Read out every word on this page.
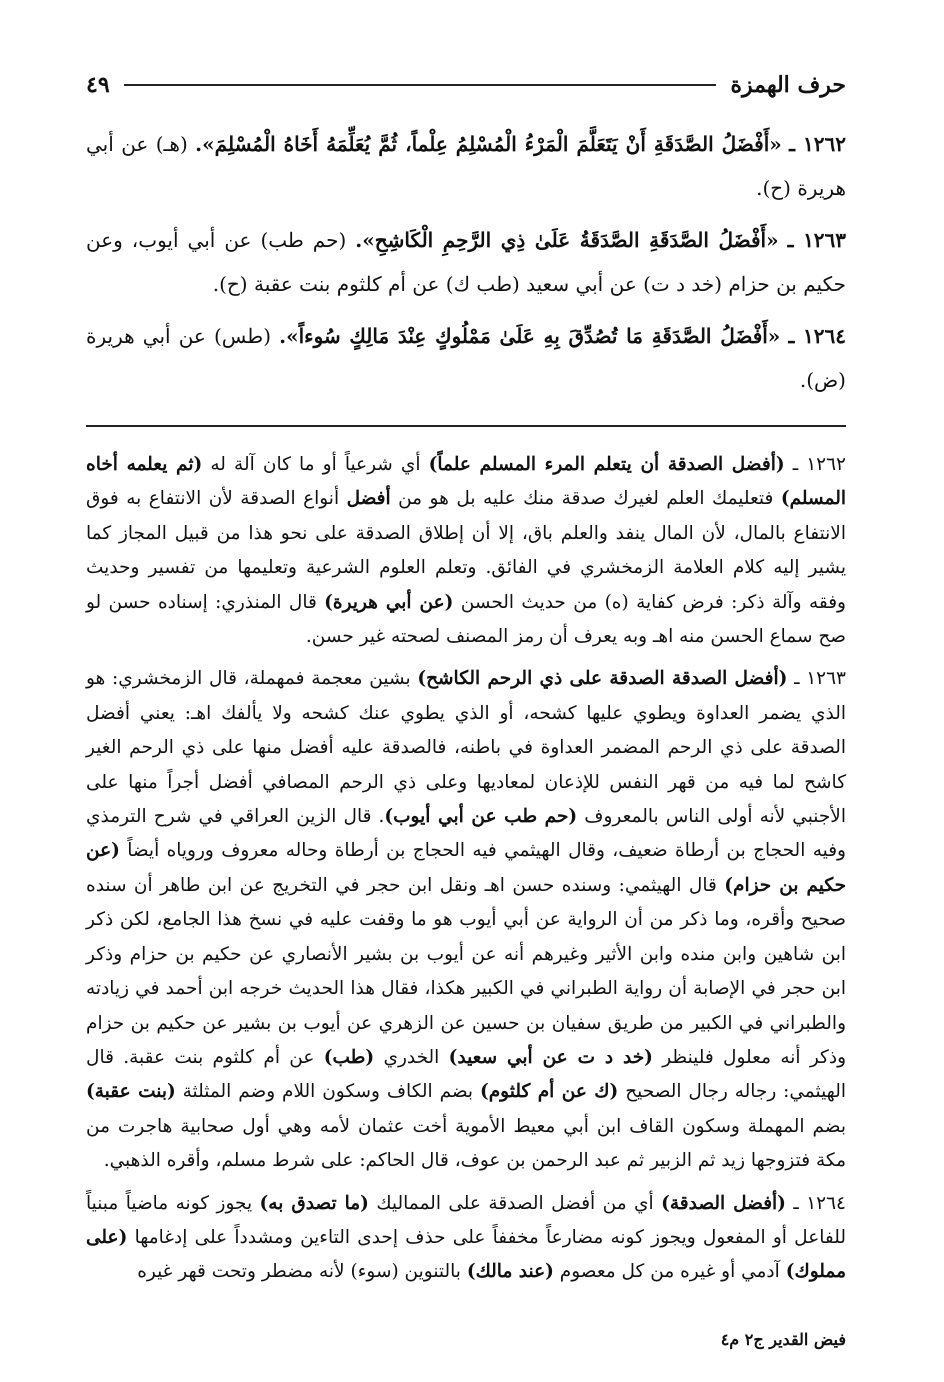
حرف الهمزة
٤٩

١٢٦٢ ـ «أَفْضَلُ الصَّدَقَةِ أَنْ يَتَعَلَّمَ الْمَرْءُ الْمُسْلِمُ عِلْماً، ثُمَّ يُعَلِّمَهُ أَخَاهُ الْمُسْلِمَ». (هـ) عن أبي هريرة (ح).

١٢٦٣ ـ «أَفْضَلُ الصَّدَقَةِ الصَّدَقَةُ عَلَىٰ ذِي الرَّحِمِ الْكَاشِحِ». (حم طب) عن أبي أيوب، وعن حكيم بن حزام (خد د ت) عن أبي سعيد (طب ك) عن أم كلثوم بنت عقبة (ح).

١٢٦٤ ـ «أَفْضَلُ الصَّدَقَةِ مَا تُصُدِّقَ بِهِ عَلَىٰ مَمْلُوكٍ عِنْدَ مَالِكٍ سُوءاً». (طس) عن أبي هريرة (ض).

١٢٦٢ ـ (أفضل الصدقة أن يتعلم المرء المسلم علماً) أي شرعياً أو ما كان آلة له (ثم يعلمه أخاه المسلم) فتعليمك العلم لغيرك صدقة منك عليه بل هو من أفضل أنواع الصدقة لأن الانتفاع به فوق الانتفاع بالمال، لأن المال ينفد والعلم باق، إلا أن إطلاق الصدقة على نحو هذا من قبيل المجاز كما يشير إليه كلام العلامة الزمخشري في الفائق. وتعلم العلوم الشرعية وتعليمها من تفسير وحديث وفقه وآلة ذكر: فرض كفاية (ه) من حديث الحسن (عن أبي هريرة) قال المنذري: إسناده حسن لو صح سماع الحسن منه اهـ وبه يعرف أن رمز المصنف لصحته غير حسن.

١٢٦٣ ـ (أفضل الصدقة الصدقة على ذي الرحم الكاشح) بشين معجمة فمهملة، قال الزمخشري: هو الذي يضمر العداوة ويطوي عليها كشحه، أو الذي يطوي عنك كشحه ولا يألفك اهـ: يعني أفضل الصدقة على ذي الرحم المضمر العداوة في باطنه، فالصدقة عليه أفضل منها على ذي الرحم الغير كاشح لما فيه من قهر النفس للإذعان لمعاديها وعلى ذي الرحم المصافي أفضل أجراً منها على الأجنبي لأنه أولى الناس بالمعروف (حم طب عن أبي أيوب). قال الزين العراقي في شرح الترمذي وفيه الحجاج بن أرطاة ضعيف، وقال الهيثمي فيه الحجاج بن أرطاة وحاله معروف وروياه أيضاً (عن حكيم بن حزام) قال الهيثمي: وسنده حسن اهـ ونقل ابن حجر في التخريج عن ابن طاهر أن سنده صحيح وأقره، وما ذكر من أن الرواية عن أبي أيوب هو ما وقفت عليه في نسخ هذا الجامع، لكن ذكر ابن شاهين وابن منده وابن الأثير وغيرهم أنه عن أيوب بن بشير الأنصاري عن حكيم بن حزام وذكر ابن حجر في الإصابة أن رواية الطبراني في الكبير هكذا، فقال هذا الحديث خرجه ابن أحمد في زيادته والطبراني في الكبير من طريق سفيان بن حسين عن الزهري عن أيوب بن بشير عن حكيم بن حزام وذكر أنه معلول فلينظر (خد د ت عن أبي سعيد) الخدري (طب) عن أم كلثوم بنت عقبة. قال الهيثمي: رجاله رجال الصحيح (ك عن أم كلثوم) بضم الكاف وسكون اللام وضم المثلثة (بنت عقبة) بضم المهملة وسكون القاف ابن أبي معيط الأموية أخت عثمان لأمه وهي أول صحابية هاجرت من مكة فتزوجها زيد ثم الزبير ثم عبد الرحمن بن عوف، قال الحاكم: على شرط مسلم، وأقره الذهبي.

١٢٦٤ ـ (أفضل الصدقة) أي من أفضل الصدقة على المماليك (ما تصدق به) يجوز كونه ماضياً مبنياً للفاعل أو المفعول ويجوز كونه مضارعاً مخففاً على حذف إحدى التاءين ومشدداً على إدغامها (على مملوك) آدمي أو غيره من كل معصوم (عند مالك) بالتنوين (سوء) لأنه مضطر وتحت قهر غيره

فيض القدير ج٢ م٤
